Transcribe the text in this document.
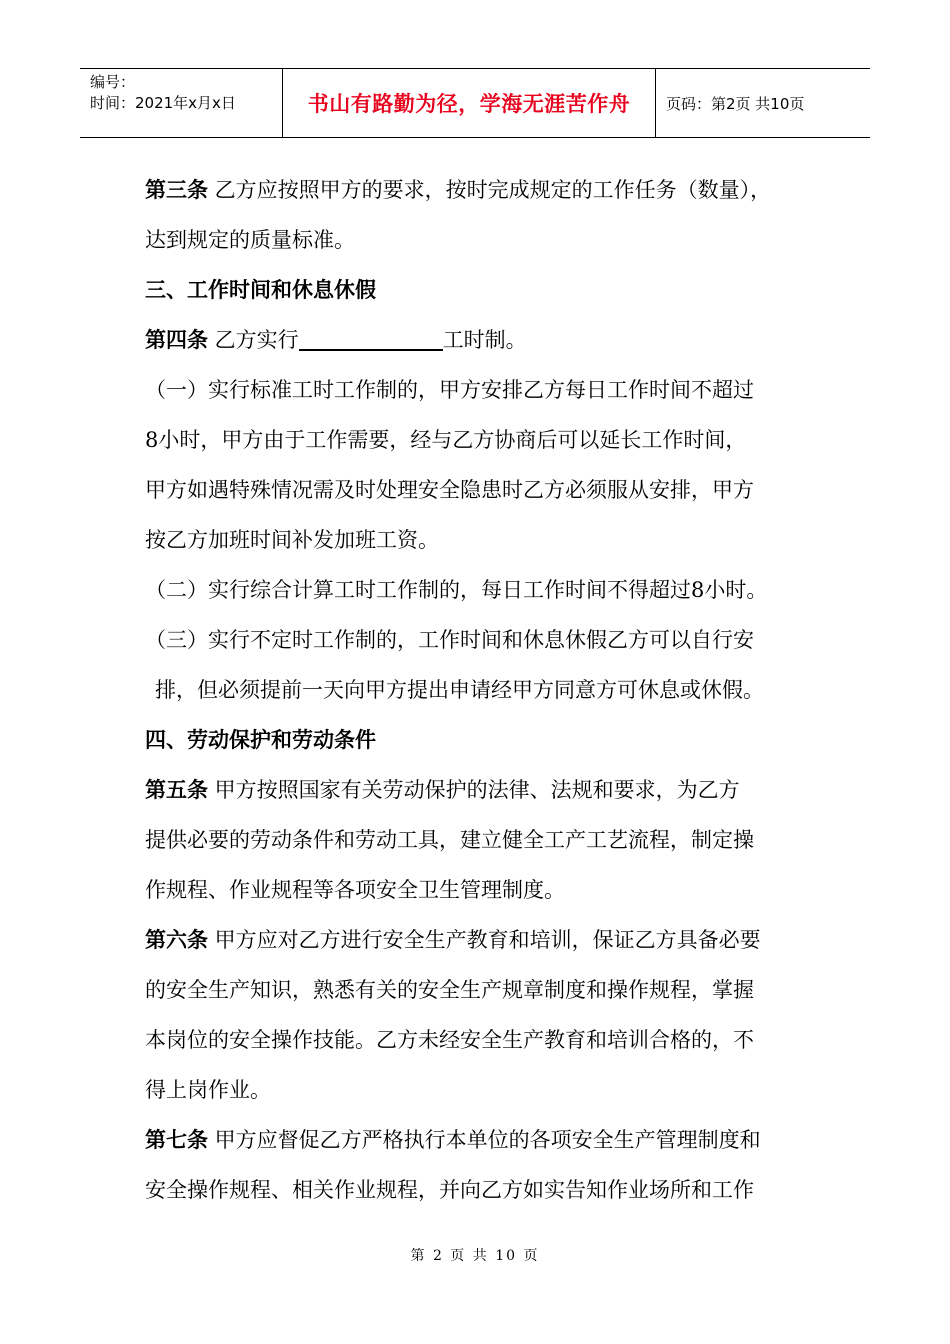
编号：
时间：2021年x月x日	书山有路勤为径，学海无涯苦作舟	页码：第2页 共10页

第三条 乙方应按照甲方的要求，按时完成规定的工作任务（数量），

达到规定的质量标准。

三、工作时间和休息休假

第四条 乙方实行	工时制。

（一）实行标准工时工作制的，甲方安排乙方每日工作时间不超过

8小时，甲方由于工作需要，经与乙方协商后可以延长工作时间，

甲方如遇特殊情况需及时处理安全隐患时乙方必须服从安排，甲方

按乙方加班时间补发加班工资。

（二）实行综合计算工时工作制的，每日工作时间不得超过8小时。

（三）实行不定时工作制的，工作时间和休息休假乙方可以自行安

排，但必须提前一天向甲方提出申请经甲方同意方可休息或休假。

四、劳动保护和劳动条件

第五条 甲方按照国家有关劳动保护的法律、法规和要求，为乙方

提供必要的劳动条件和劳动工具，建立健全工产工艺流程，制定操

作规程、作业规程等各项安全卫生管理制度。

第六条 甲方应对乙方进行安全生产教育和培训，保证乙方具备必要

的安全生产知识，熟悉有关的安全生产规章制度和操作规程，掌握

本岗位的安全操作技能。乙方未经安全生产教育和培训合格的，不

得上岗作业。

第七条 甲方应督促乙方严格执行本单位的各项安全生产管理制度和

安全操作规程、相关作业规程，并向乙方如实告知作业场所和工作

第 2 页 共 10 页
